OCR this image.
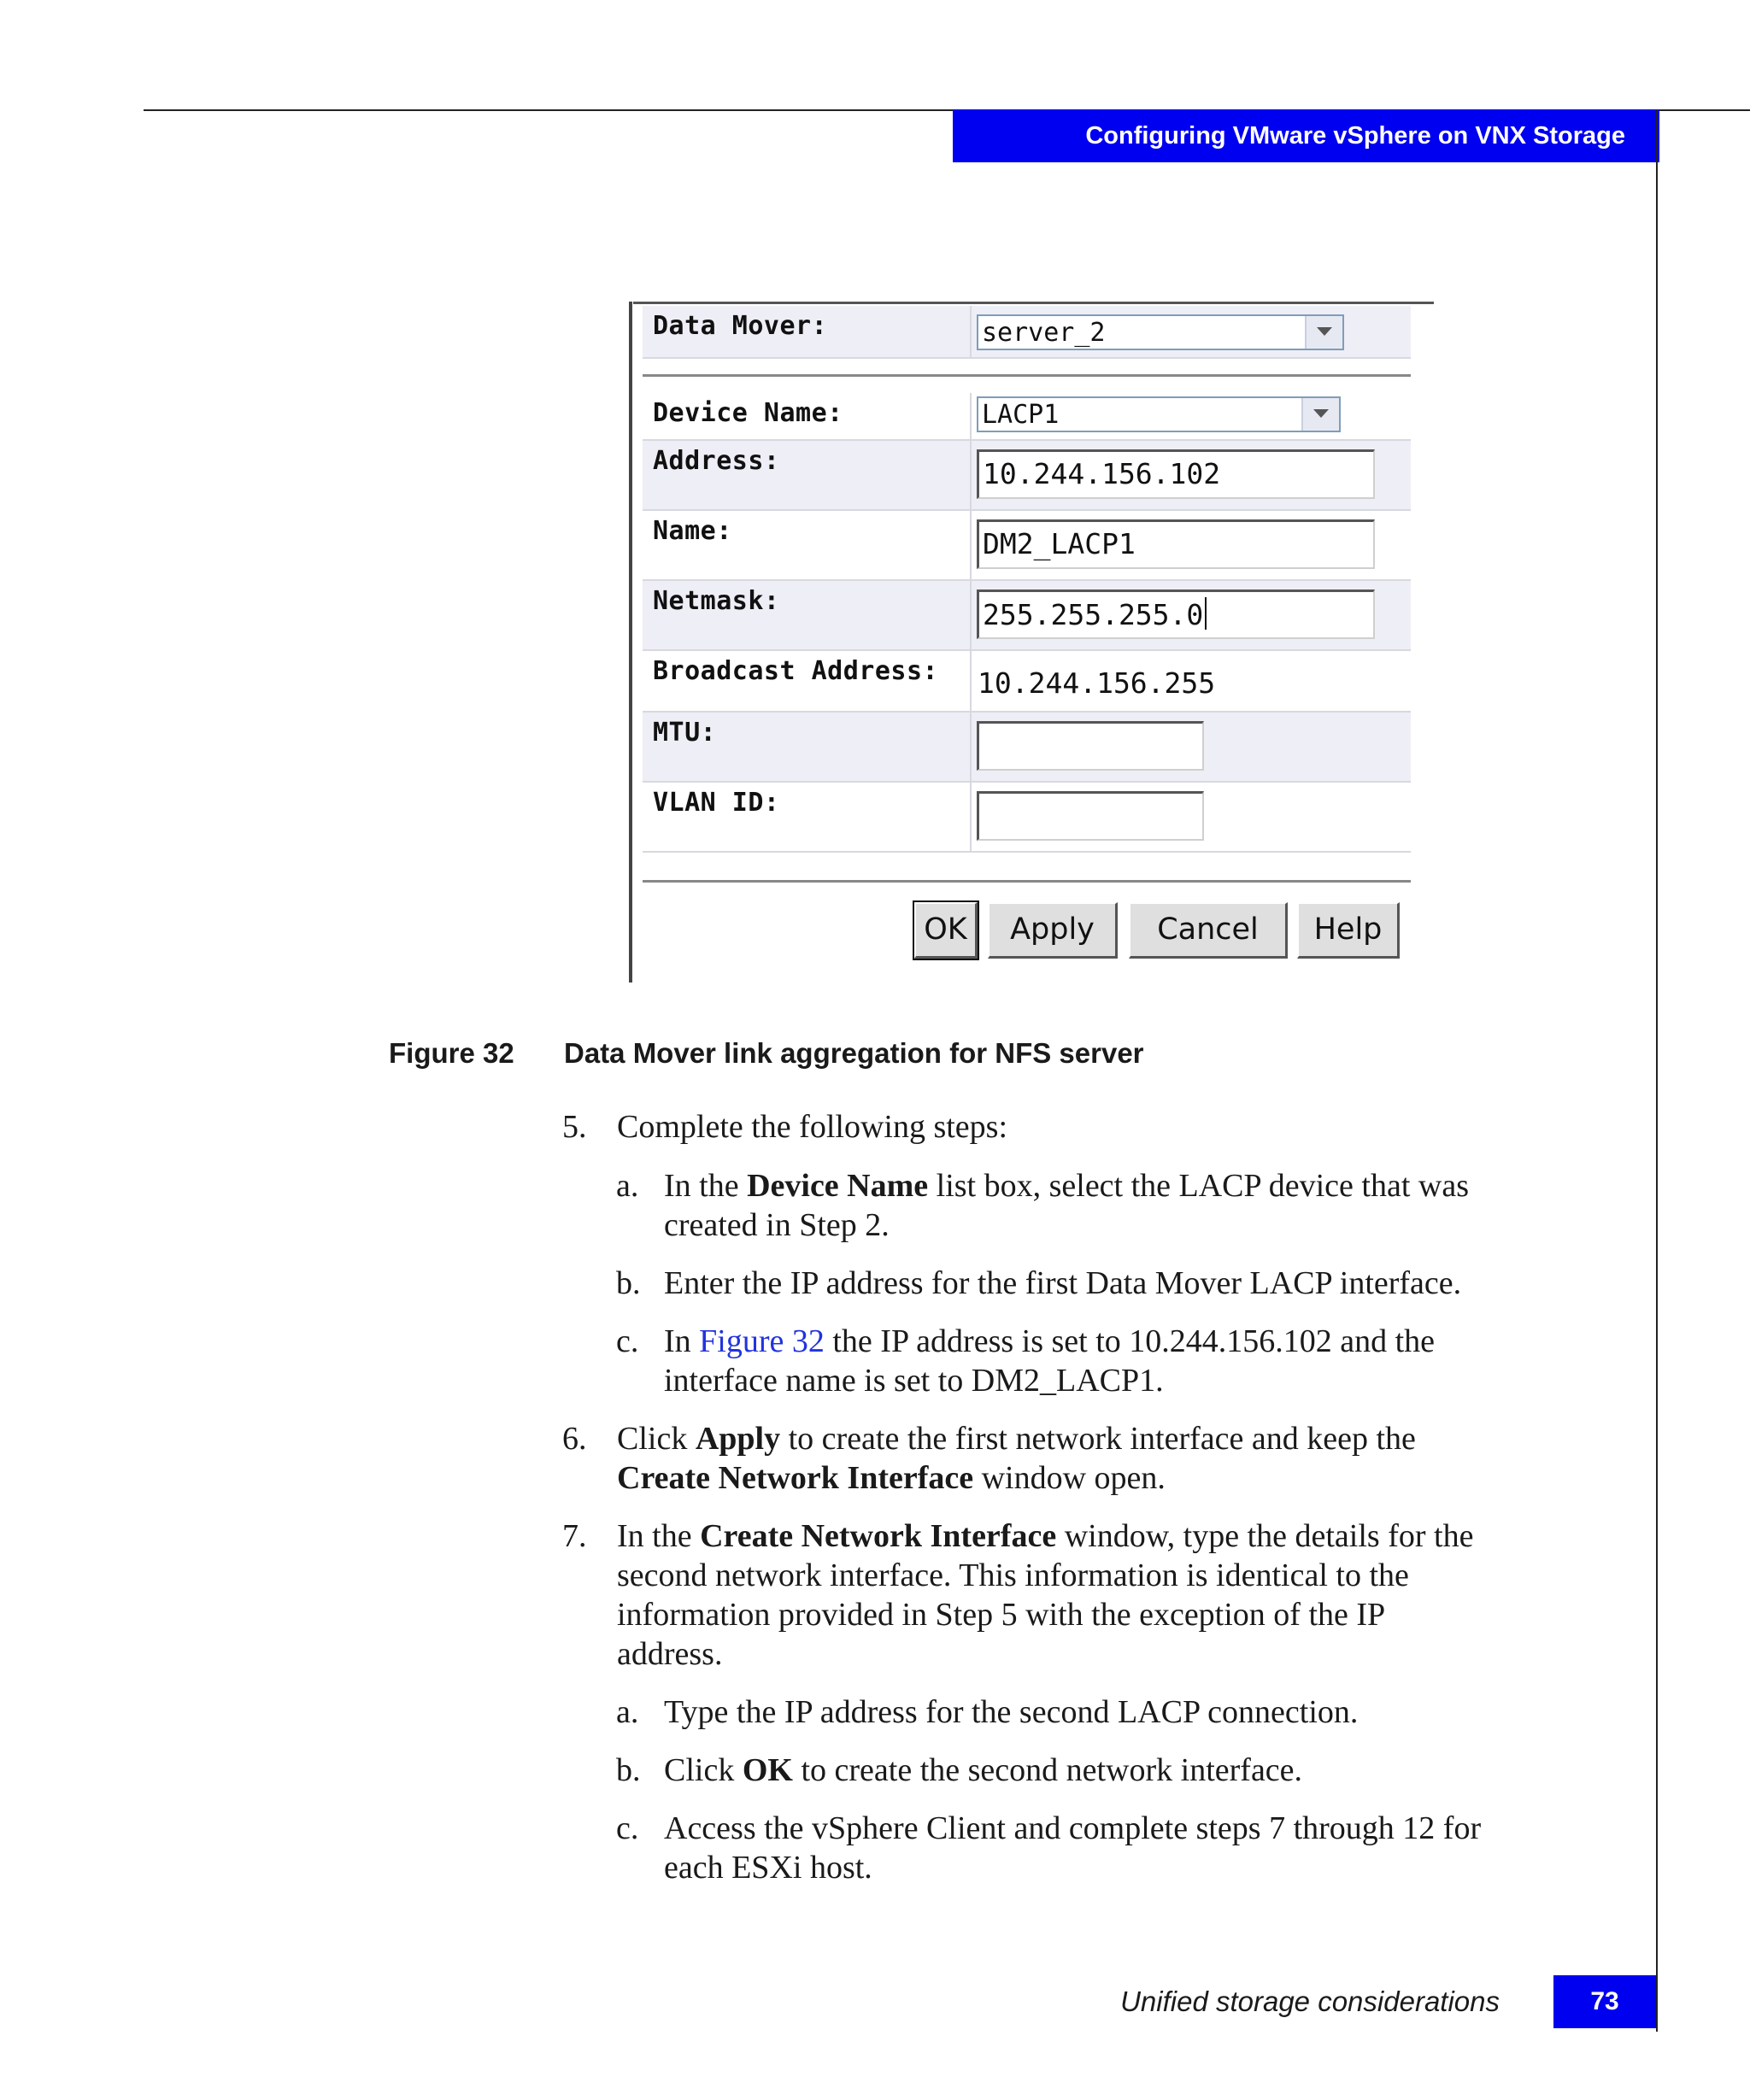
Configuring VMware vSphere on VNX Storage
Data Mover:	server_2
Device Name:	LACP1
Address:	10.244.156.102
Name:	DM2_LACP1
Netmask:	255.255.255.0
Broadcast Address: 10.244.156.255
MTU:
VLAN ID:
OK	Apply	Cancel	Help
Figure 32 Data Mover link aggregation for NFS server
5. Complete the following steps:
a. In the Device Name list box, select the LACP device that was
created in Step 2.
b. Enter the IP address for the first Data Mover LACP interface.
c. In Figure 32 the IP address is set to 10.244.156.102 and the
interface name is set to DM2_LACP1.
6. Click Apply to create the first network interface and keep the
Create Network Interface window open.
7. In the Create Network Interface window, type the details for the
second network interface. This information is identical to the
information provided in Step 5 with the exception of the IP
address.
a. Type the IP address for the second LACP connection.
b. Click OK to create the second network interface.
c. Access the vSphere Client and complete steps 7 through 12 for
each ESXi host.
Unified storage considerations	73
